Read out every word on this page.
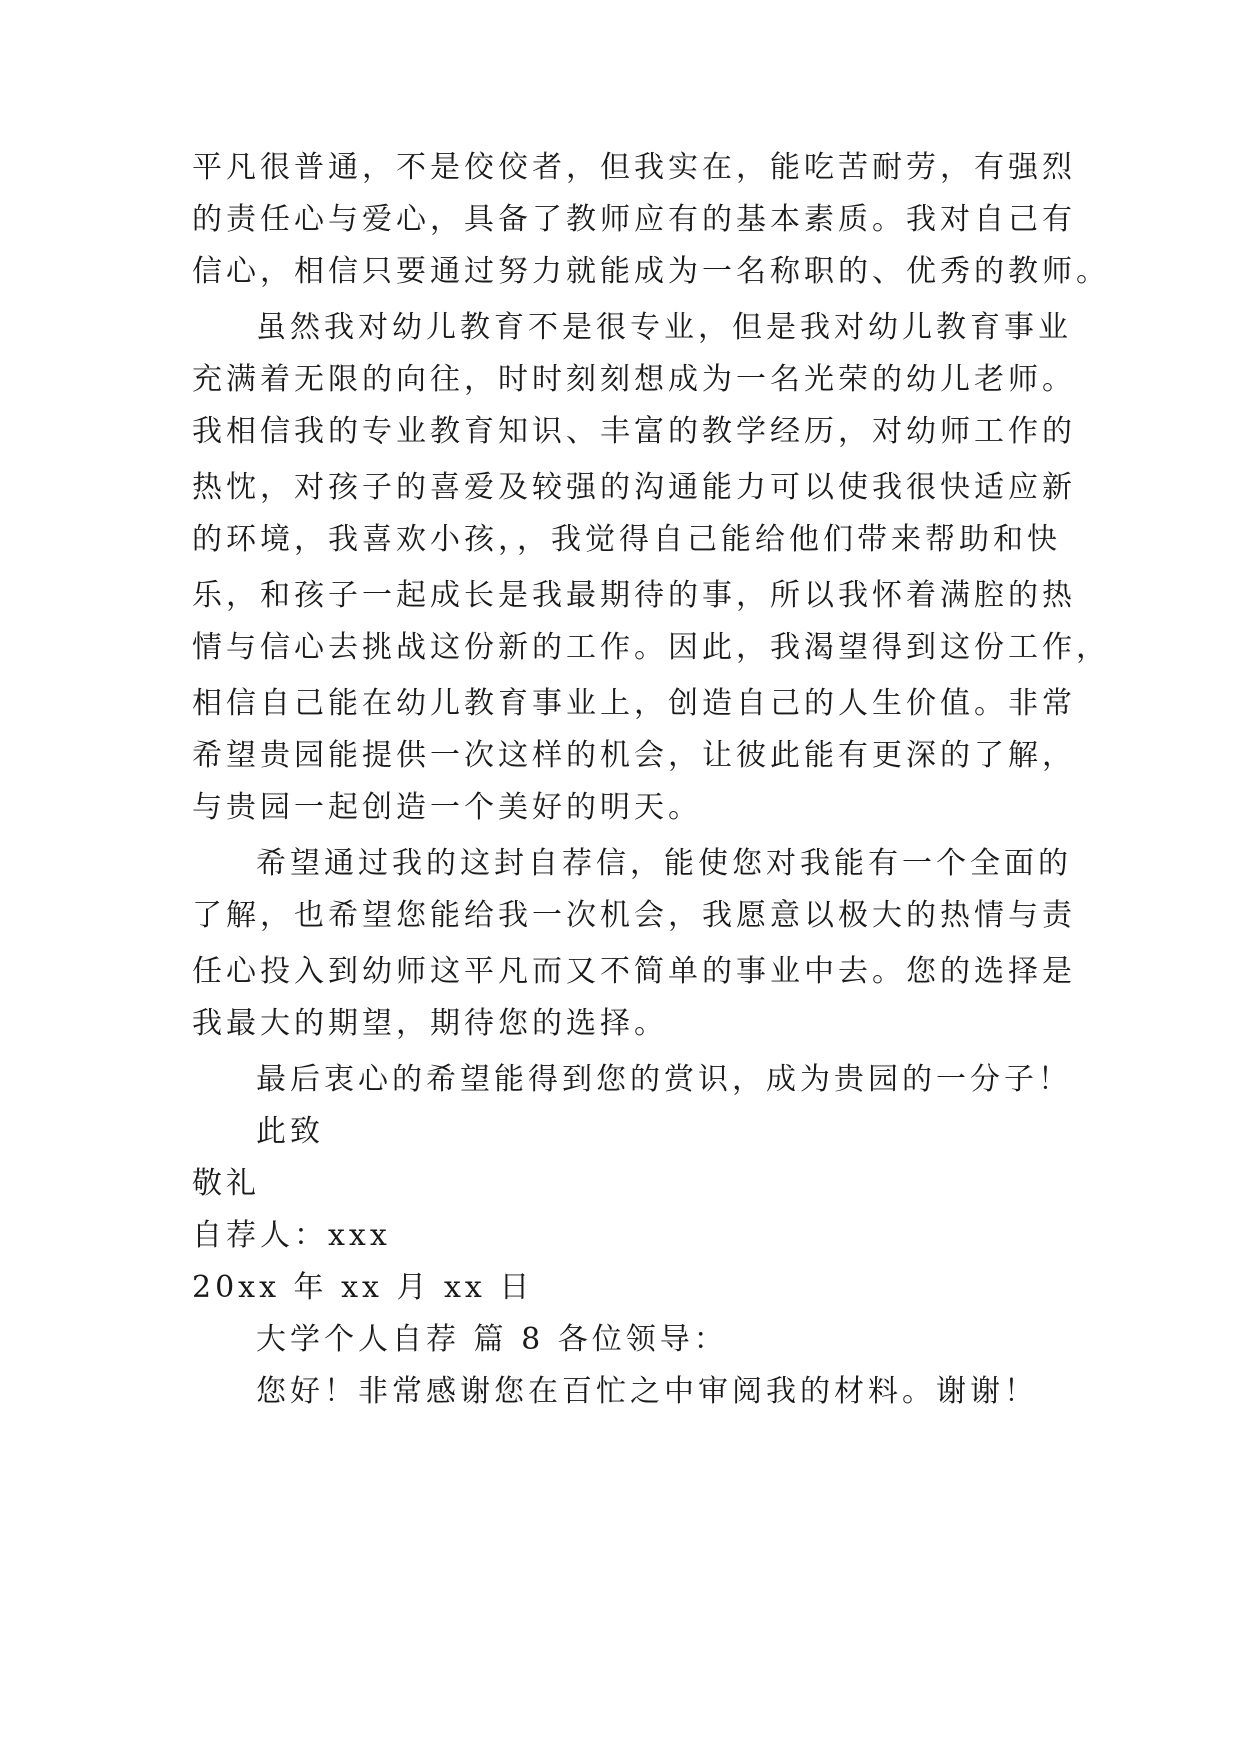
平凡很普通，不是佼佼者，但我实在，能吃苦耐劳，有强烈
的责任心与爱心，具备了教师应有的基本素质。我对自己有
信心，相信只要通过努力就能成为一名称职的、优秀的教师。
虽然我对幼儿教育不是很专业，但是我对幼儿教育事业
充满着无限的向往，时时刻刻想成为一名光荣的幼儿老师。
我相信我的专业教育知识、丰富的教学经历，对幼师工作的
热忱，对孩子的喜爱及较强的沟通能力可以使我很快适应新
的环境，我喜欢小孩，，我觉得自己能给他们带来帮助和快
乐，和孩子一起成长是我最期待的事，所以我怀着满腔的热
情与信心去挑战这份新的工作。因此，我渴望得到这份工作，
相信自己能在幼儿教育事业上，创造自己的人生价值。非常
希望贵园能提供一次这样的机会，让彼此能有更深的了解，
与贵园一起创造一个美好的明天。
希望通过我的这封自荐信，能使您对我能有一个全面的
了解，也希望您能给我一次机会，我愿意以极大的热情与责
任心投入到幼师这平凡而又不简单的事业中去。您的选择是
我最大的期望，期待您的选择。
最后衷心的希望能得到您的赏识，成为贵园的一分子！
此致
敬礼
自荐人：xxx
20xx 年 xx 月 xx 日
大学个人自荐 篇 8 各位领导：
您好！非常感谢您在百忙之中审阅我的材料。谢谢！
